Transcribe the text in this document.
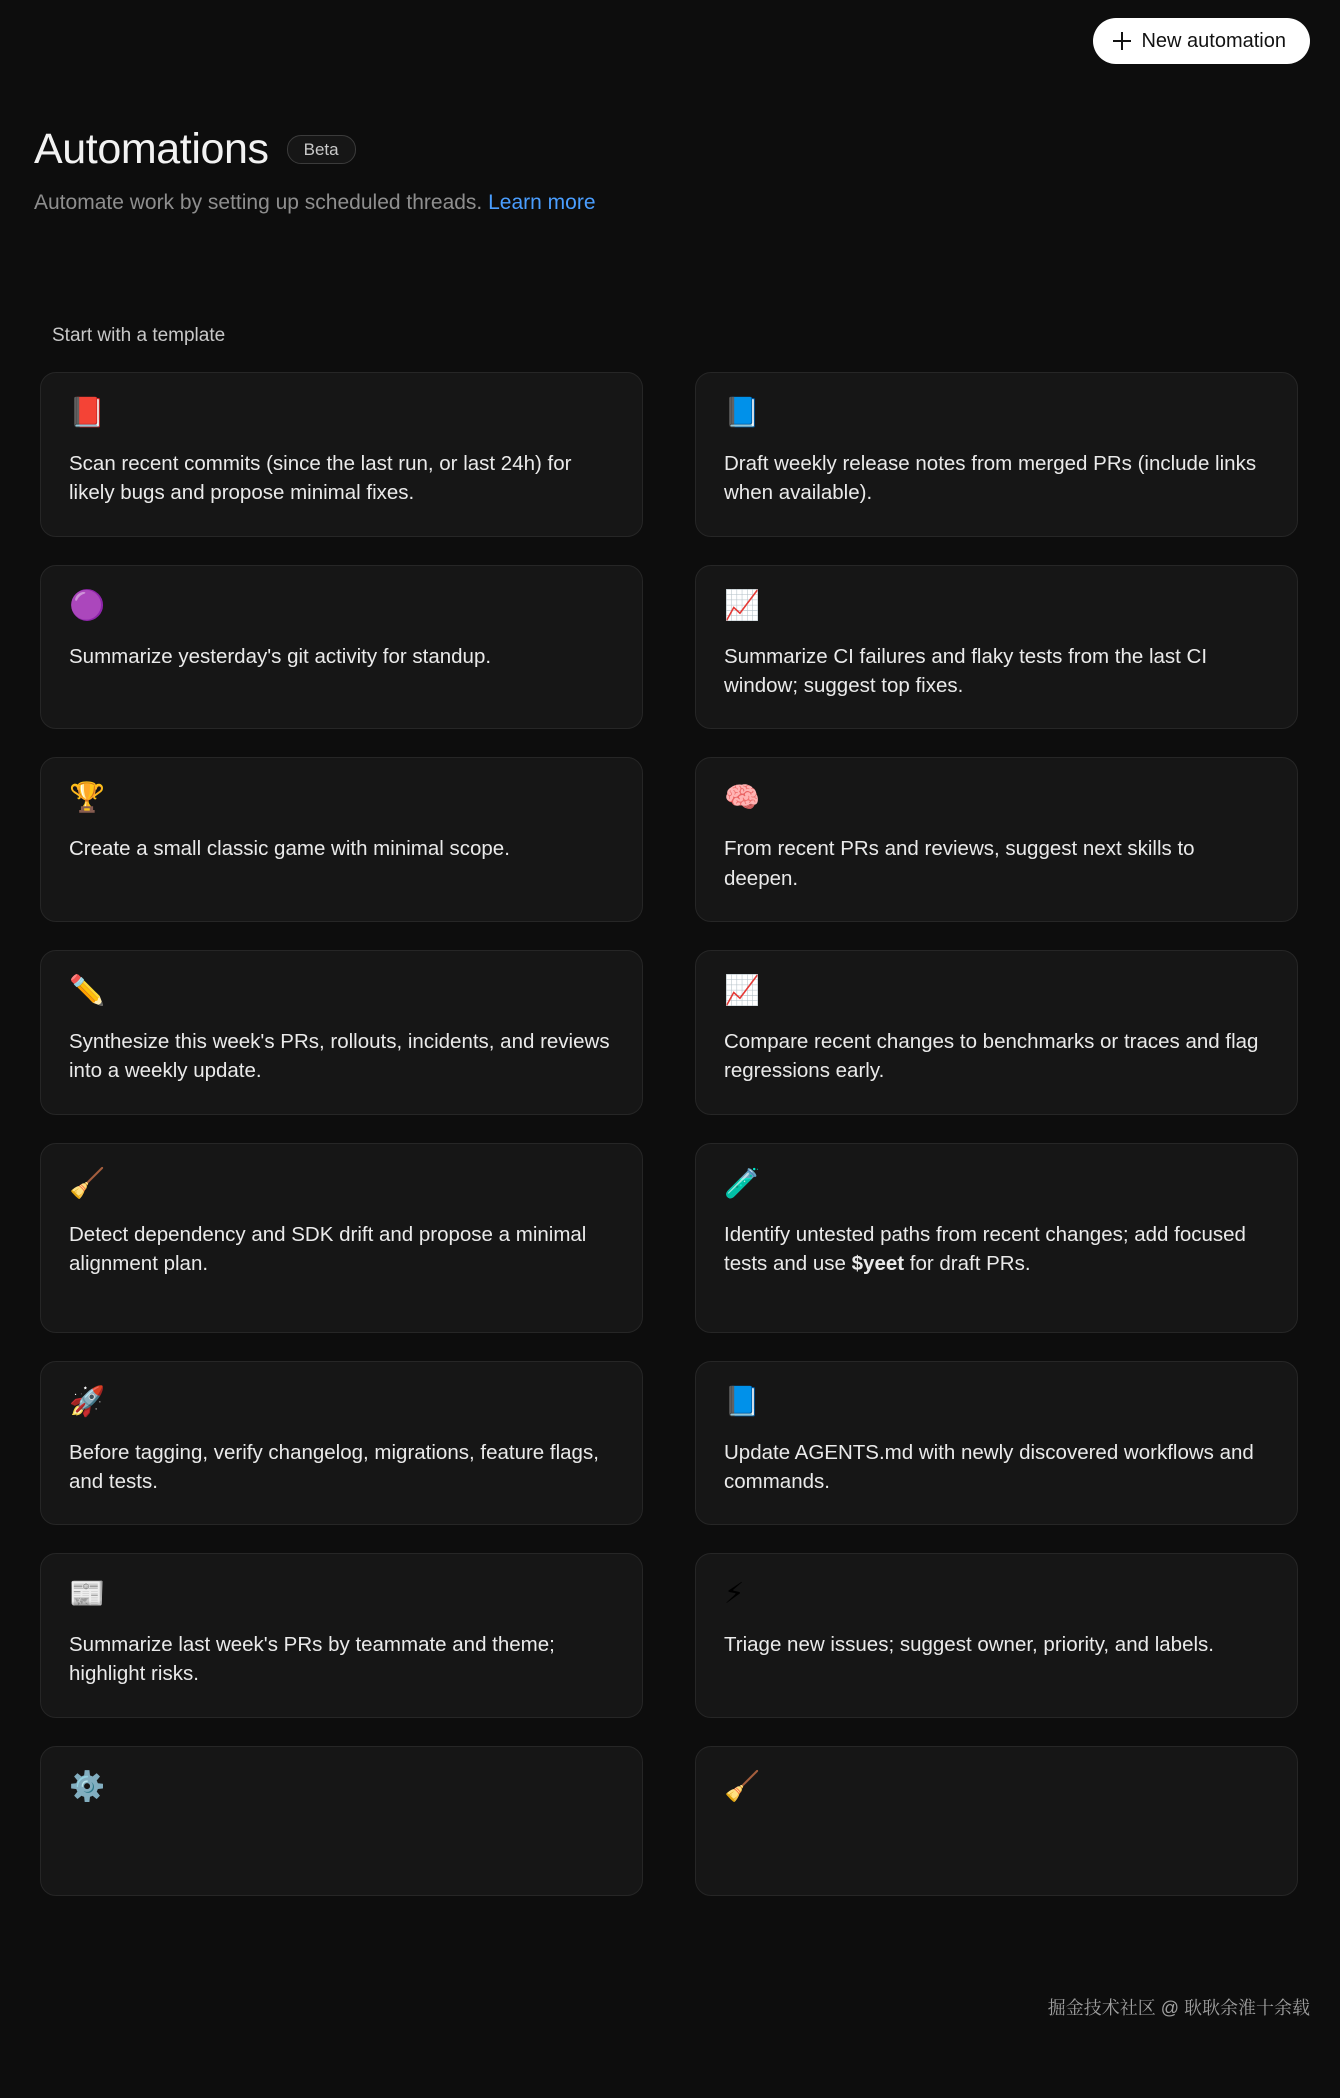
New automation
Automations	Beta
Automate work by setting up scheduled threads. Learn more
Start with a template
📕
Scan recent commits (since the last run, or last 24h) for likely bugs and propose minimal fixes.
📘
Draft weekly release notes from merged PRs (include links when available).
🟣
Summarize yesterday's git activity for standup.
📈
Summarize CI failures and flaky tests from the last CI window; suggest top fixes.
🏆
Create a small classic game with minimal scope.
🧠
From recent PRs and reviews, suggest next skills to deepen.
✏️
Synthesize this week's PRs, rollouts, incidents, and reviews into a weekly update.
📈
Compare recent changes to benchmarks or traces and flag regressions early.
🧹
Detect dependency and SDK drift and propose a minimal alignment plan.
🧪
Identify untested paths from recent changes; add focused tests and use $yeet for draft PRs.
🚀
Before tagging, verify changelog, migrations, feature flags, and tests.
📘
Update AGENTS.md with newly discovered workflows and commands.
📰
Summarize last week's PRs by teammate and theme; highlight risks.
⚡
Triage new issues; suggest owner, priority, and labels.
⚙️	🧹
掘金技术社区 @ 耿耿余淮十余载
